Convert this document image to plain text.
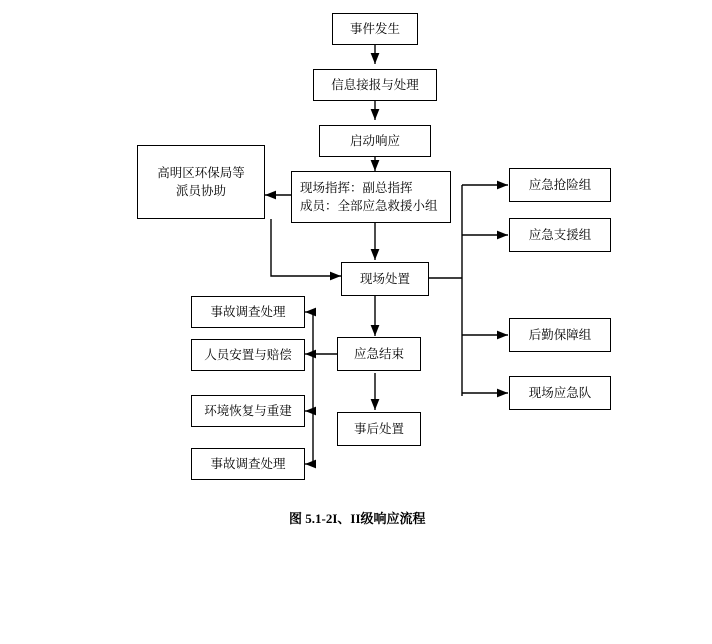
事件发生
信息接报与处理
启动响应
现场指挥：副总指挥
成员：全部应急救援小组
高明区环保局等
派员协助
现场处置
应急抢险组
应急支援组
后勤保障组
现场应急队
应急结束
事后处置
事故调查处理
人员安置与赔偿
环境恢复与重建
事故调查处理
图 5.1-2I、II级响应流程
